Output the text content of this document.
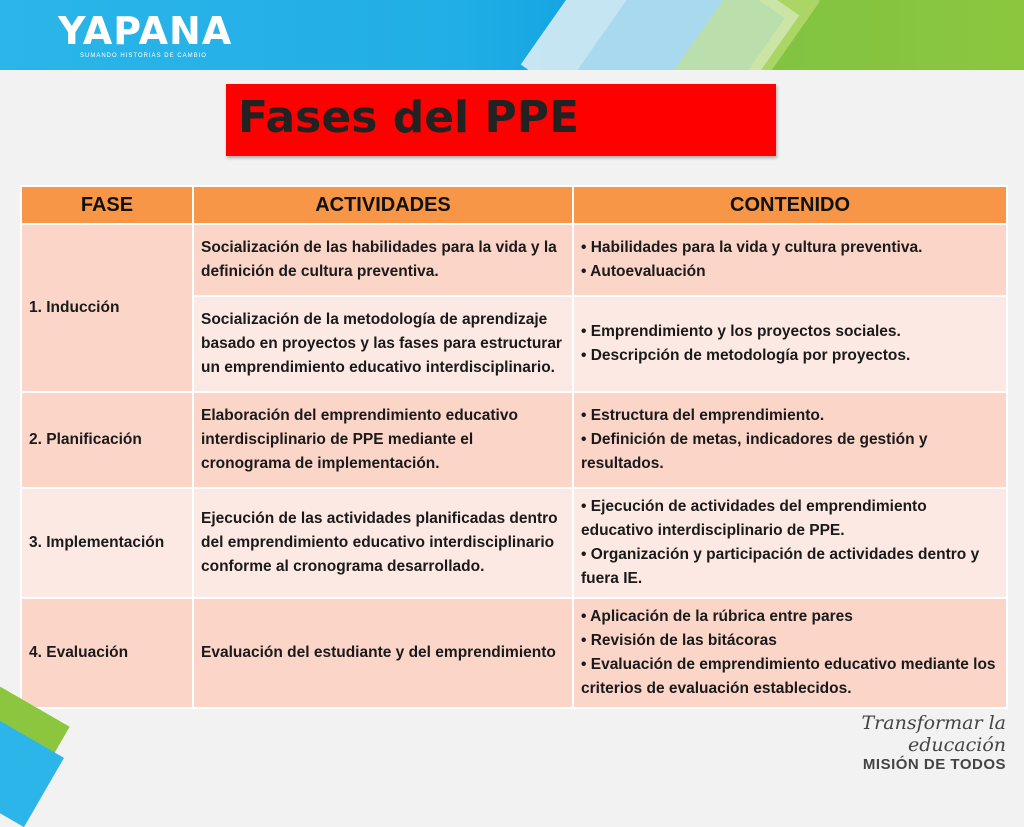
YAPANA
SUMANDO HISTORIAS DE CAMBIO
Fases del PPE
FASE	ACTIVIDADES	CONTENIDO
1. Inducción	Socialización de las habilidades para la vida y la definición de cultura preventiva.	• Habilidades para la vida y cultura preventiva.
• Autoevaluación

	Socialización de la metodología de aprendizaje basado en proyectos y las fases para estructurar un emprendimiento educativo interdisciplinario.	• Emprendimiento y los proyectos sociales.
• Descripción de metodología por proyectos.

2. Planificación	Elaboración del emprendimiento educativo interdisciplinario de PPE mediante el cronograma de implementación.	• Estructura del emprendimiento.
• Definición de metas, indicadores de gestión y resultados.

3. Implementación	Ejecución de las actividades planificadas dentro del emprendimiento educativo interdisciplinario conforme al cronograma desarrollado.	• Ejecución de actividades del emprendimiento educativo interdisciplinario de PPE.
• Organización y participación de actividades dentro y fuera IE.

4. Evaluación	Evaluación del estudiante y del emprendimiento	• Aplicación de la rúbrica entre pares
• Revisión de las bitácoras
• Evaluación de emprendimiento educativo mediante los criterios de evaluación establecidos.
Transformar la educación
MISIÓN DE TODOS
